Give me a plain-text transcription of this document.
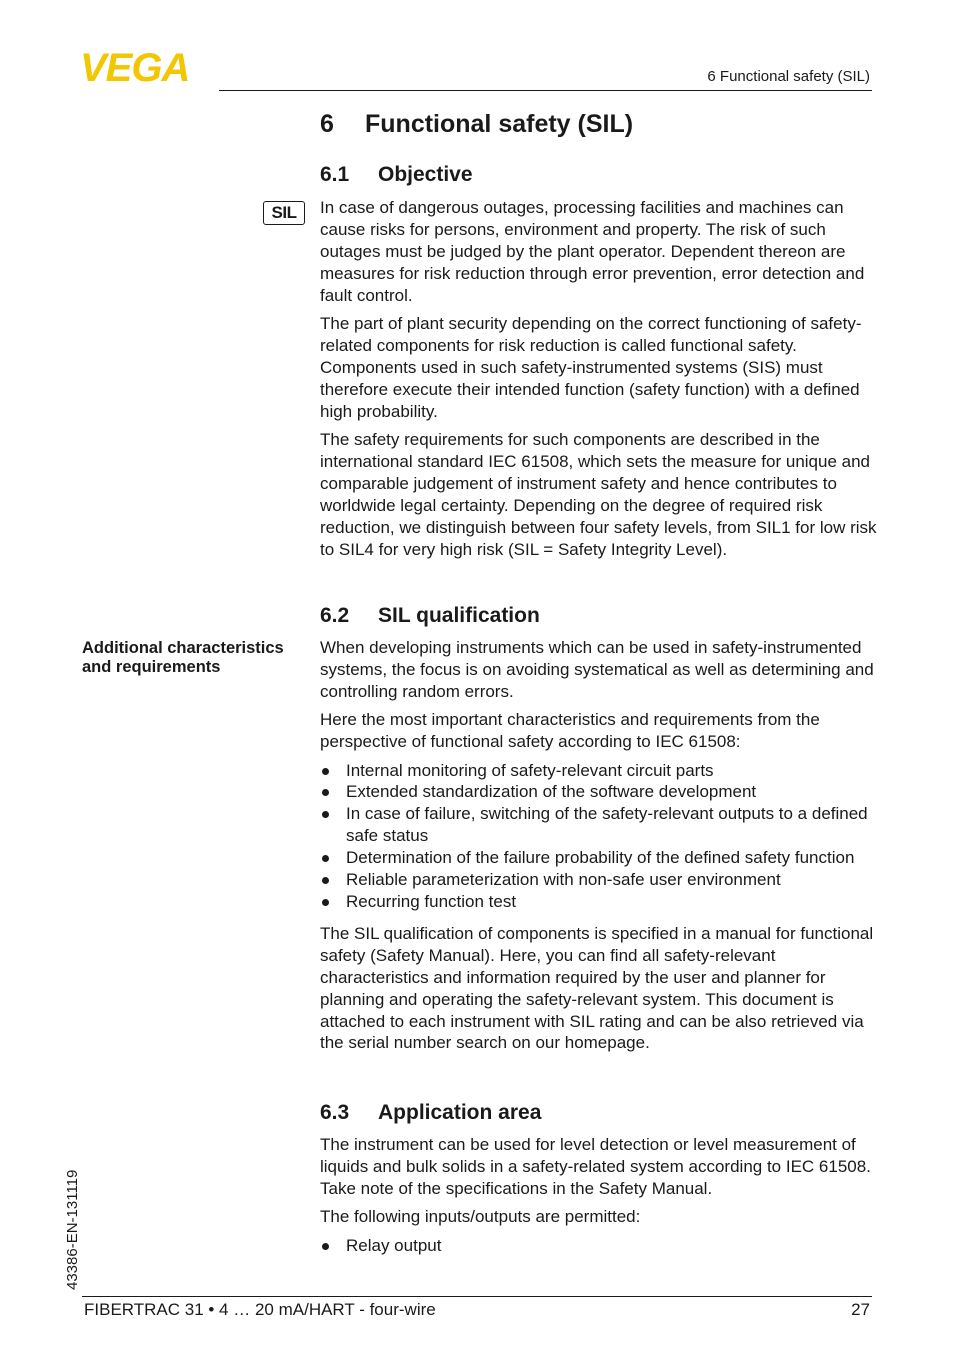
VEGA	6 Functional safety (SIL)
6 Functional safety (SIL)
6.1 Objective
SIL	In case of dangerous outages, processing facilities and machines can cause risks for persons, environment and property. The risk of such outages must be judged by the plant operator. Dependent thereon are measures for risk reduction through error prevention, error detection and fault control.

The part of plant security depending on the correct functioning of safety-related components for risk reduction is called functional safety. Components used in such safety-instrumented systems (SIS) must therefore execute their intended function (safety function) with a defined high probability.

The safety requirements for such components are described in the international standard IEC 61508, which sets the measure for unique and comparable judgement of instrument safety and hence contributes to worldwide legal certainty. Depending on the degree of required risk reduction, we distinguish between four safety levels, from SIL1 for low risk to SIL4 for very high risk (SIL = Safety Integrity Level).

6.2 SIL qualification
Additional characteristics and requirements

When developing instruments which can be used in safety-instrumented systems, the focus is on avoiding systematical as well as determining and controlling random errors.

Here the most important characteristics and requirements from the perspective of functional safety according to IEC 61508:

Internal monitoring of safety-relevant circuit parts
Extended standardization of the software development
In case of failure, switching of the safety-relevant outputs to a defined safe status
Determination of the failure probability of the defined safety function
Reliable parameterization with non-safe user environment
Recurring function test

The SIL qualification of components is specified in a manual for functional safety (Safety Manual). Here, you can find all safety-relevant characteristics and information required by the user and planner for planning and operating the safety-relevant system. This document is attached to each instrument with SIL rating and can be also retrieved via the serial number search on our homepage.

6.3 Application area

The instrument can be used for level detection or level measurement of liquids and bulk solids in a safety-related system according to IEC 61508. Take note of the specifications in the Safety Manual.

The following inputs/outputs are permitted:

Relay output
43386-EN-131119
FIBERTRAC 31 • 4 … 20 mA/HART - four-wire	27
